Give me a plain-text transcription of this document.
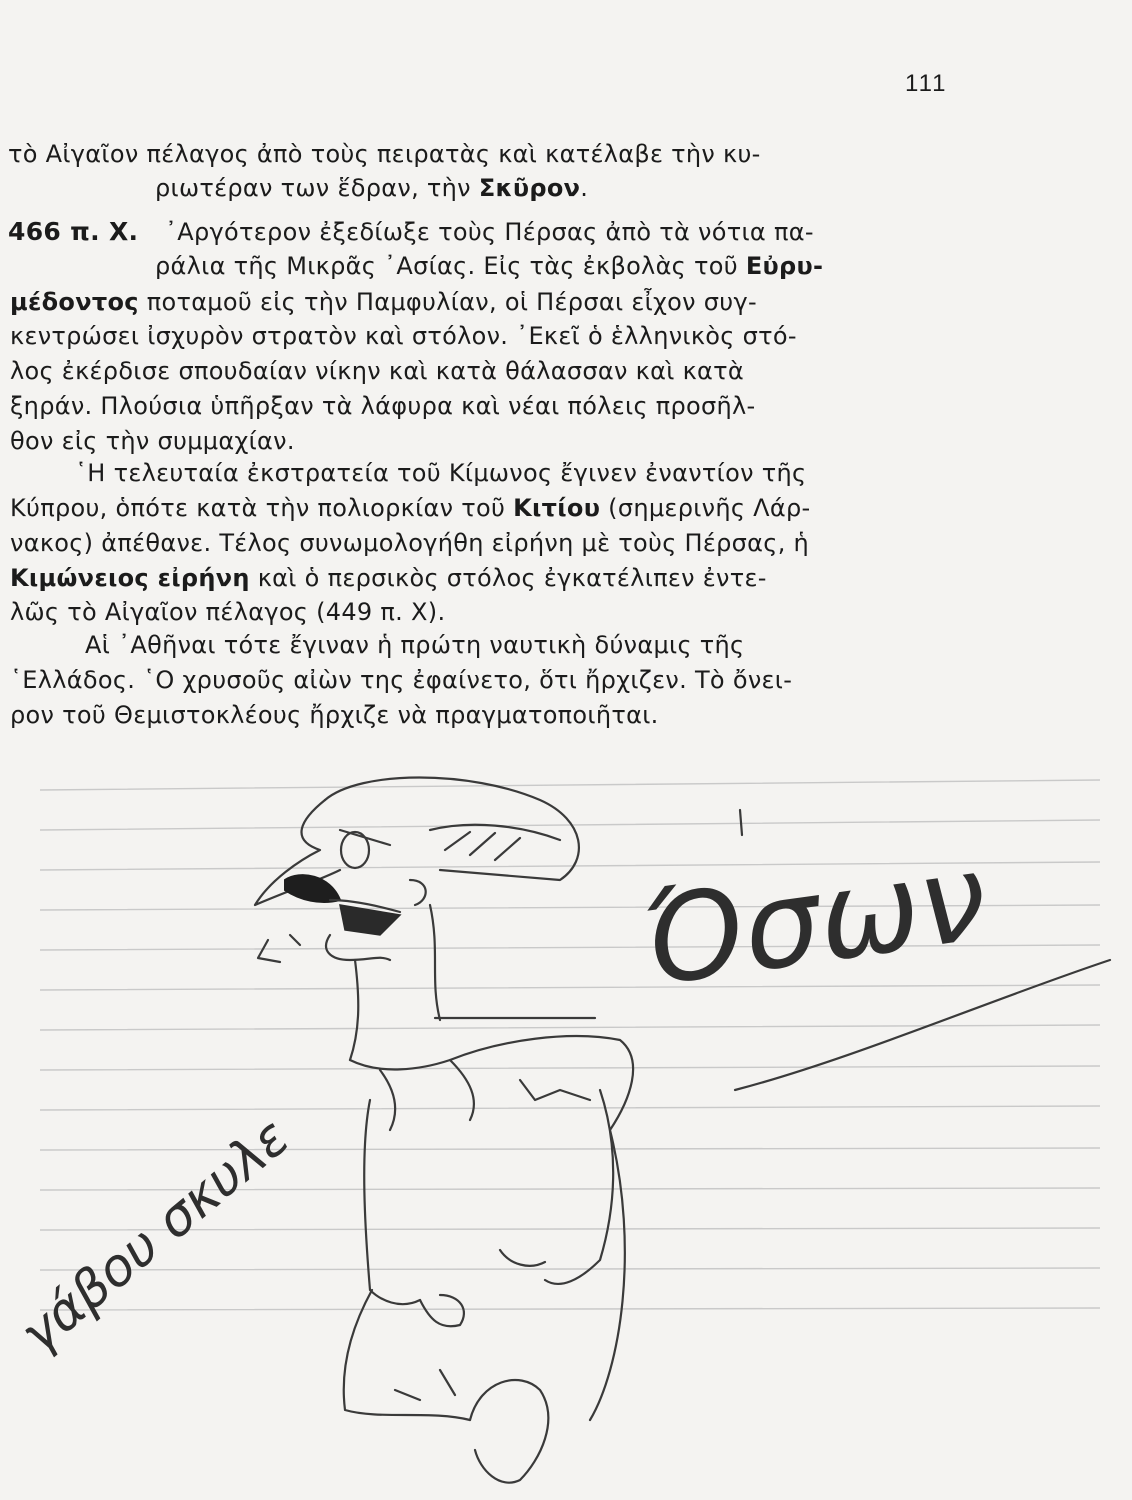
111

τὸ Αἰγαῖον πέλαγος ἀπὸ τοὺς πειρατὰς καὶ κατέλαβε τὴν κυ-

ριωτέραν των ἕδραν, τὴν Σκῦρον.

466 π. Χ. ᾽Αργότερον ἐξεδίωξε τοὺς Πέρσας ἀπὸ τὰ νότια πα-

ράλια τῆς Μικρᾶς ᾽Ασίας. Εἰς τὰς ἐκβολὰς τοῦ Εὐρυ-

μέδοντος ποταμοῦ εἰς τὴν Παμφυλίαν, οἱ Πέρσαι εἶχον συγ-

κεντρώσει ἰσχυρὸν στρατὸν καὶ στόλον. ᾽Εκεῖ ὁ ἑλληνικὸς στό-

λος ἐκέρδισε σπουδαίαν νίκην καὶ κατὰ θάλασσαν καὶ κατὰ

ξηράν. Πλούσια ὑπῆρξαν τὰ λάφυρα καὶ νέαι πόλεις προσῆλ-

θον εἰς τὴν συμμαχίαν.

῾Η τελευταία ἐκστρατεία τοῦ Κίμωνος ἔγινεν ἐναντίον τῆς

Κύπρου, ὁπότε κατὰ τὴν πολιορκίαν τοῦ Κιτίου (σημερινῆς Λάρ-

νακος) ἀπέθανε. Τέλος συνωμολογήθη εἰρήνη μὲ τοὺς Πέρσας, ἡ

Κιμώνειος εἰρήνη καὶ ὁ περσικὸς στόλος ἐγκατέλιπεν ἐντε-

λῶς τὸ Αἰγαῖον πέλαγος (449 π. Χ).

Αἱ ᾽Αθῆναι τότε ἔγιναν ἡ πρώτη ναυτικὴ δύναμις τῆς

῾Ελλάδος. ῾Ο χρυσοῦς αἰὼν της ἐφαίνετο, ὅτι ἤρχιζεν. Τὸ ὄνει-

ρον τοῦ Θεμιστοκλέους ἤρχιζε νὰ πραγματοποιῆται.

γάβου σκυλε
Όσων
